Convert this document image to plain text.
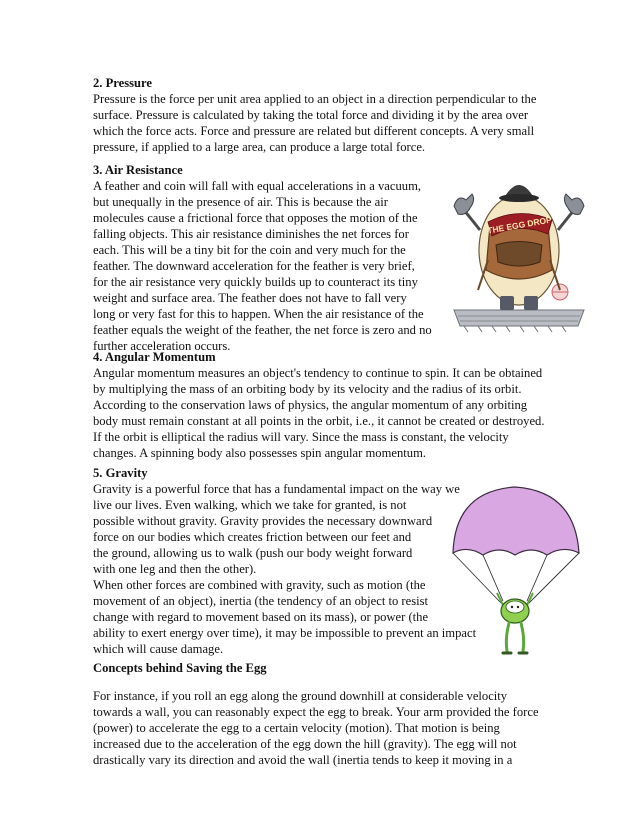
2. Pressure

Pressure is the force per unit area applied to an object in a direction perpendicular to the
surface. Pressure is calculated by taking the total force and dividing it by the area over
which the force acts. Force and pressure are related but different concepts. A very small
pressure, if applied to a large area, can produce a large total force.

3. Air Resistance

A feather and coin will fall with equal accelerations in a vacuum,
but unequally in the presence of air. This is because the air
molecules cause a frictional force that opposes the motion of the
falling objects. This air resistance diminishes the net forces for
each. This will be a tiny bit for the coin and very much for the
feather. The downward acceleration for the feather is very brief,
for the air resistance very quickly builds up to counteract its tiny
weight and surface area. The feather does not have to fall very
long or very fast for this to happen. When the air resistance of the
feather equals the weight of the feather, the net force is zero and no
further acceleration occurs.

THE EGG DROP
4. Angular Momentum

Angular momentum measures an object's tendency to continue to spin. It can be obtained
by multiplying the mass of an orbiting body by its velocity and the radius of its orbit.
According to the conservation laws of physics, the angular momentum of any orbiting
body must remain constant at all points in the orbit, i.e., it cannot be created or destroyed.
If the orbit is elliptical the radius will vary. Since the mass is constant, the velocity
changes. A spinning body also possesses spin angular momentum.

5. Gravity

Gravity is a powerful force that has a fundamental impact on the way we
live our lives. Even walking, which we take for granted, is not
possible without gravity. Gravity provides the necessary downward
force on our bodies which creates friction between our feet and
the ground, allowing us to walk (push our body weight forward
with one leg and then the other).

When other forces are combined with gravity, such as motion (the
movement of an object), inertia (the tendency of an object to resist
change with regard to movement based on its mass), or power (the
ability to exert energy over time), it may be impossible to prevent an impact
which will cause damage.

Concepts behind Saving the Egg

For instance, if you roll an egg along the ground downhill at considerable velocity
towards a wall, you can reasonably expect the egg to break. Your arm provided the force
(power) to accelerate the egg to a certain velocity (motion). That motion is being
increased due to the acceleration of the egg down the hill (gravity). The egg will not
drastically vary its direction and avoid the wall (inertia tends to keep it moving in a
